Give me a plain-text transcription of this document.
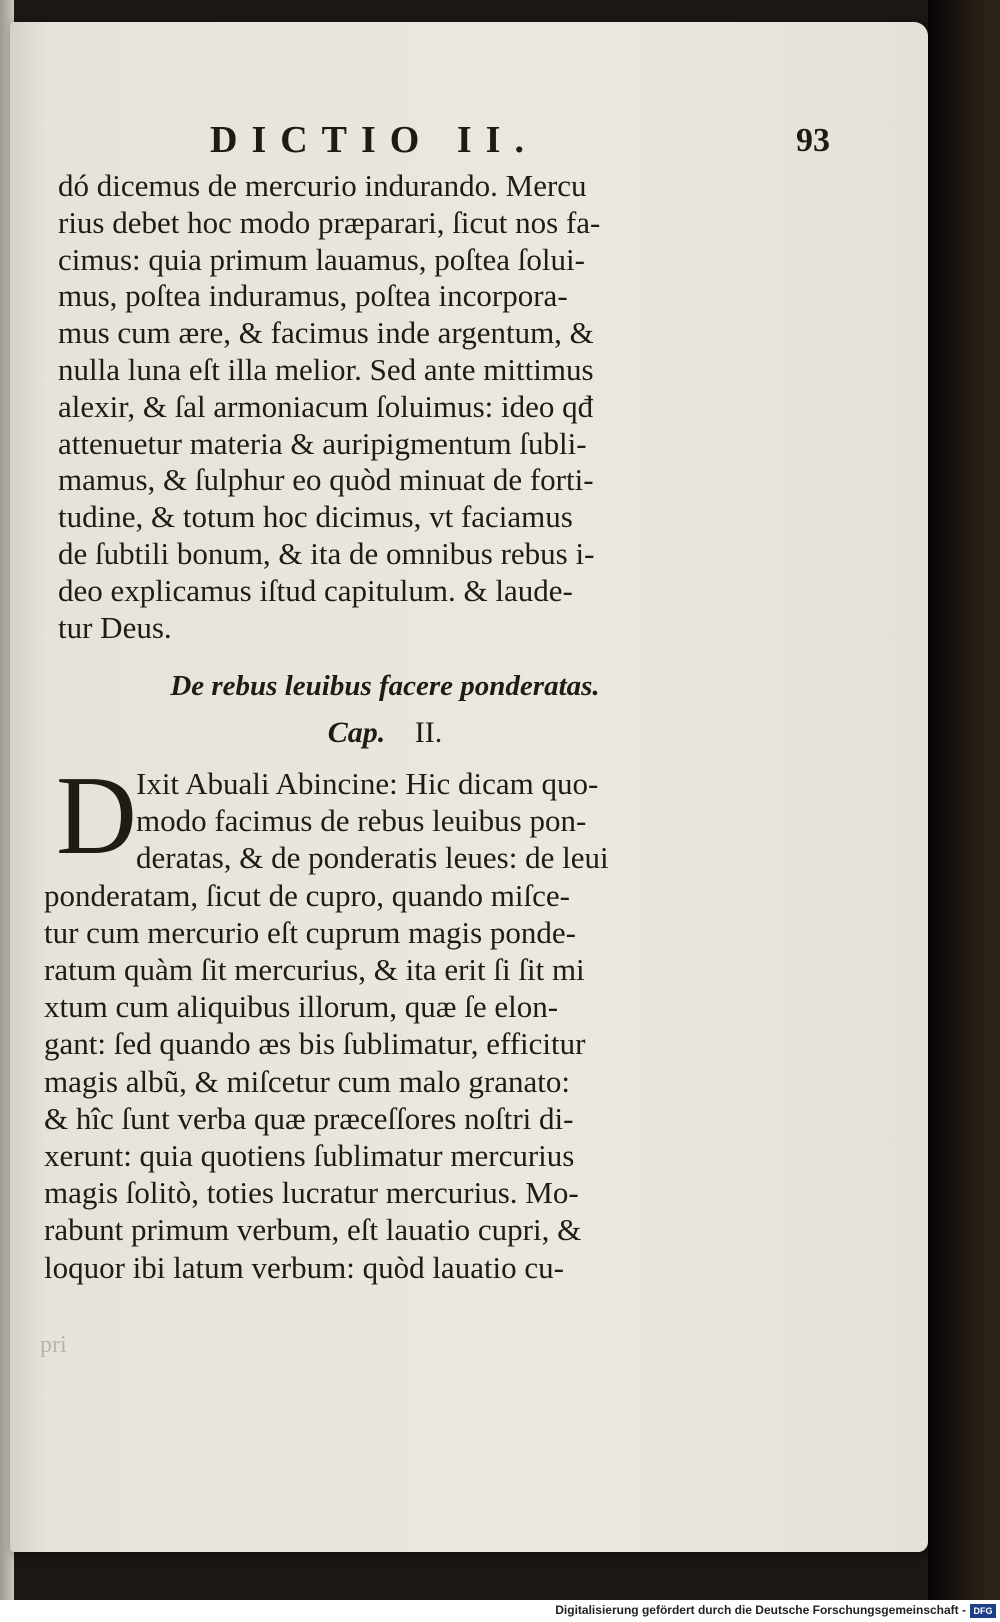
DICTIO II.	93
dó dicemus de mercurio indurando. Mercu
rius debet hoc modo præparari, ſicut nos fa-
cimus: quia primum lauamus, poſtea ſolui-
mus, poſtea induramus, poſtea incorpora-
mus cum ære, & facimus inde argentum, &
nulla luna eſt illa melior. Sed ante mittimus
alexir, & ſal armoniacum ſoluimus: ideo qđ
attenuetur materia & auripigmentum ſubli-
mamus, & ſulphur eo quòd minuat de forti-
tudine, & totum hoc dicimus, vt faciamus
de ſubtili bonum, & ita de omnibus rebus i-
deo explicamus iſtud capitulum. & laude-
tur Deus.
De rebus leuibus facere ponderatas.
Cap. II.
D Ixit Abuali Abincine: Hic dicam quo-
modo facimus de rebus leuibus pon-
deratas, & de ponderatis leues: de leui
ponderatam, ſicut de cupro, quando miſce-
tur cum mercurio eſt cuprum magis ponde-
ratum quàm ſit mercurius, & ita erit ſi ſit mi
xtum cum aliquibus illorum, quæ ſe elon-
gant: ſed quando æs bis ſublimatur, efficitur
magis albũ, & miſcetur cum malo granato:
& hîc ſunt verba quæ præceſſores noſtri di-
xerunt: quia quotiens ſublimatur mercurius
magis ſolitò, toties lucratur mercurius. Mo-
rabunt primum verbum, eſt lauatio cupri, &
loquor ibi latum verbum: quòd lauatio cu-
pri
Digitalisierung gefördert durch die Deutsche Forschungsgemeinschaft - DFG
